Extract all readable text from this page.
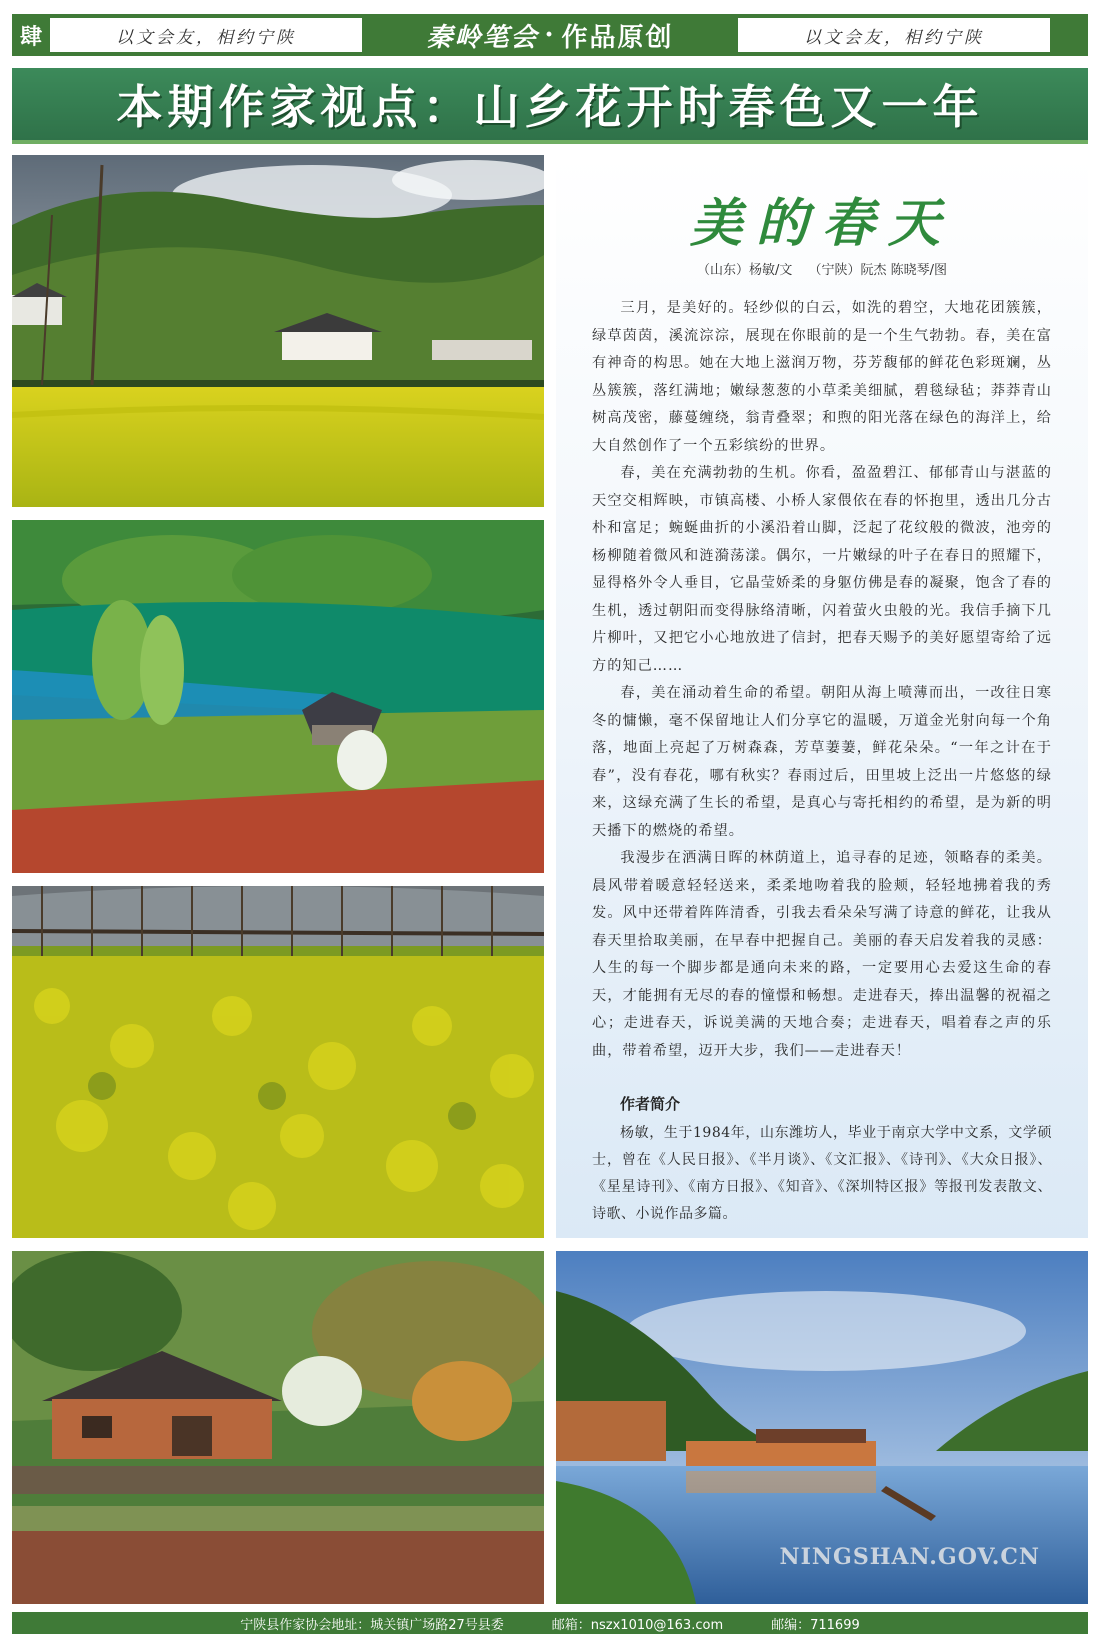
肆	以文会友，相约宁陕	秦岭笔会 · 作品原创	以文会友，相约宁陕
本期作家视点：山乡花开时春色又一年
NINGSHAN.GOV.CN
美的春天
（山东）杨敏/文 （宁陕）阮杰 陈晓琴/图

三月，是美好的。轻纱似的白云，如洗的碧空，大地花团簇簇，绿草茵茵，溪流淙淙，展现在你眼前的是一个生气勃勃。春，美在富有神奇的构思。她在大地上滋润万物，芬芳馥郁的鲜花色彩斑斓，丛丛簇簇，落红满地；嫩绿葱葱的小草柔美细腻，碧毯绿毡；莽莽青山树高茂密，藤蔓缠绕，翁青叠翠；和煦的阳光落在绿色的海洋上，给大自然创作了一个五彩缤纷的世界。

春，美在充满勃勃的生机。你看，盈盈碧江、郁郁青山与湛蓝的天空交相辉映，市镇高楼、小桥人家偎依在春的怀抱里，透出几分古朴和富足；蜿蜒曲折的小溪沿着山脚，泛起了花纹般的微波，池旁的杨柳随着微风和涟漪荡漾。偶尔，一片嫩绿的叶子在春日的照耀下，显得格外令人垂目，它晶莹娇柔的身躯仿佛是春的凝聚，饱含了春的生机，透过朝阳而变得脉络清晰，闪着萤火虫般的光。我信手摘下几片柳叶，又把它小心地放进了信封，把春天赐予的美好愿望寄给了远方的知己……

春，美在涌动着生命的希望。朝阳从海上喷薄而出，一改往日寒冬的慵懒，毫不保留地让人们分享它的温暖，万道金光射向每一个角落，地面上亮起了万树森森，芳草萋萋，鲜花朵朵。“一年之计在于春”，没有春花，哪有秋实？春雨过后，田里坡上泛出一片悠悠的绿来，这绿充满了生长的希望，是真心与寄托相约的希望，是为新的明天播下的燃烧的希望。

我漫步在洒满日晖的林荫道上，追寻春的足迹，领略春的柔美。晨风带着暖意轻轻送来，柔柔地吻着我的脸颊，轻轻地拂着我的秀发。风中还带着阵阵清香，引我去看朵朵写满了诗意的鲜花，让我从春天里拾取美丽，在早春中把握自己。美丽的春天启发着我的灵感：人生的每一个脚步都是通向未来的路，一定要用心去爱这生命的春天，才能拥有无尽的春的憧憬和畅想。走进春天，捧出温馨的祝福之心；走进春天，诉说美满的天地合奏；走进春天，唱着春之声的乐曲，带着希望，迈开大步，我们——走进春天！

作者简介

杨敏，生于1984年，山东潍坊人，毕业于南京大学中文系，文学硕士，曾在《人民日报》、《半月谈》、《文汇报》、《诗刊》、《大众日报》、《星星诗刊》、《南方日报》、《知音》、《深圳特区报》等报刊发表散文、诗歌、小说作品多篇。

宁陕县作家协会地址：城关镇广场路27号县委	邮箱：nszx1010@163.com	邮编：711699
